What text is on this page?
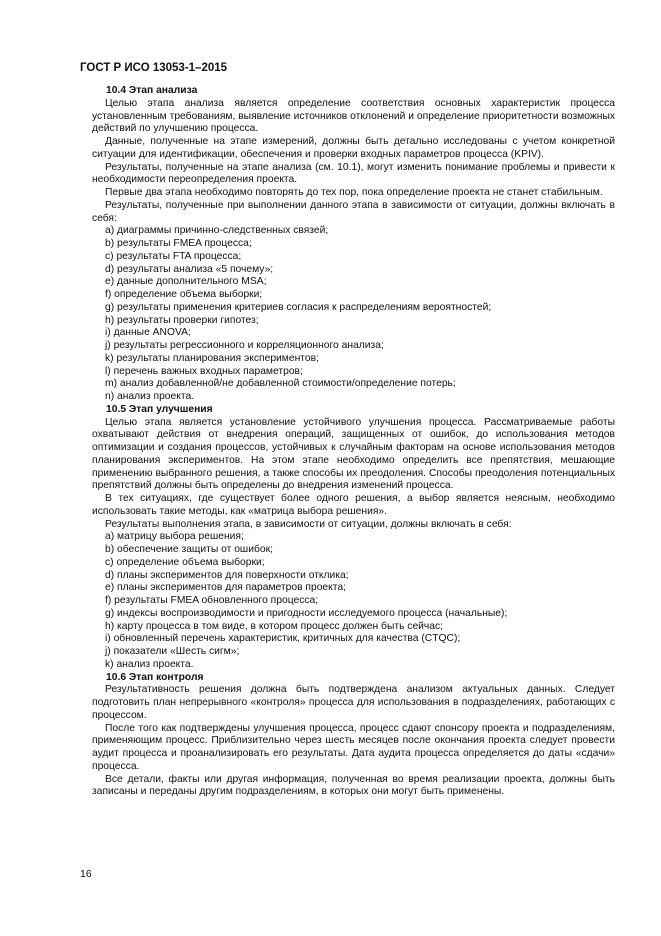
ГОСТ Р ИСО 13053-1–2015
10.4 Этап анализа

Целью этапа анализа является определение соответствия основных характеристик процесса установленным требованиям, выявление источников отклонений и определение приоритетности возможных действий по улучшению процесса.

Данные, полученные на этапе измерений, должны быть детально исследованы с учетом конкретной ситуации для идентификации, обеспечения и проверки входных параметров процесса (KPIV).

Результаты, полученные на этапе анализа (см. 10.1), могут изменить понимание проблемы и привести к необходимости переопределения проекта.

Первые два этапа необходимо повторять до тех пор, пока определение проекта не станет стабильным.

Результаты, полученные при выполнении данного этапа в зависимости от ситуации, должны включать в себя:

a) диаграммы причинно-следственных связей;
b) результаты FMEA процесса;
c) результаты FTA процесса;
d) результаты анализа «5 почему»;
e) данные дополнительного MSA;
f) определение объема выборки;
g) результаты применения критериев согласия к распределениям вероятностей;
h) результаты проверки гипотез;
i) данные ANOVA;
j) результаты регрессионного и корреляционного анализа;
k) результаты планирования экспериментов;
l) перечень важных входных параметров;
m) анализ добавленной/не добавленной стоимости/определение потерь;
n) анализ проекта.
10.5 Этап улучшения

Целью этапа является установление устойчивого улучшения процесса. Рассматриваемые работы охватывают действия от внедрения операций, защищенных от ошибок, до использования методов оптимизации и создания процессов, устойчивых к случайным факторам на основе использования методов планирования экспериментов. На этом этапе необходимо определить все препятствия, мешающие применению выбранного решения, а также способы их преодоления. Способы преодоления потенциальных препятствий должны быть определены до внедрения изменений процесса.

В тех ситуациях, где существует более одного решения, а выбор является неясным, необходимо использовать такие методы, как «матрица выбора решения».

Результаты выполнения этапа, в зависимости от ситуации, должны включать в себя:

a) матрицу выбора решения;
b) обеспечение защиты от ошибок;
c) определение объема выборки;
d) планы экспериментов для поверхности отклика;
e) планы экспериментов для параметров проекта;
f) результаты FMEA обновленного процесса;
g) индексы воспроизводимости и пригодности исследуемого процесса (начальные);
h) карту процесса в том виде, в котором процесс должен быть сейчас;
i) обновленный перечень характеристик, критичных для качества (CTQC);
j) показатели «Шесть сигм»;
k) анализ проекта.
10.6 Этап контроля

Результативность решения должна быть подтверждена анализом актуальных данных. Следует подготовить план непрерывного «контроля» процесса для использования в подразделениях, работающих с процессом.

После того как подтверждены улучшения процесса, процесс сдают спонсору проекта и подразделениям, применяющим процесс. Приблизительно через шесть месяцев после окончания проекта следует провести аудит процесса и проанализировать его результаты. Дата аудита процесса определяется до даты «сдачи» процесса.

Все детали, факты или другая информация, полученная во время реализации проекта, должны быть записаны и переданы другим подразделениям, в которых они могут быть применены.

16
